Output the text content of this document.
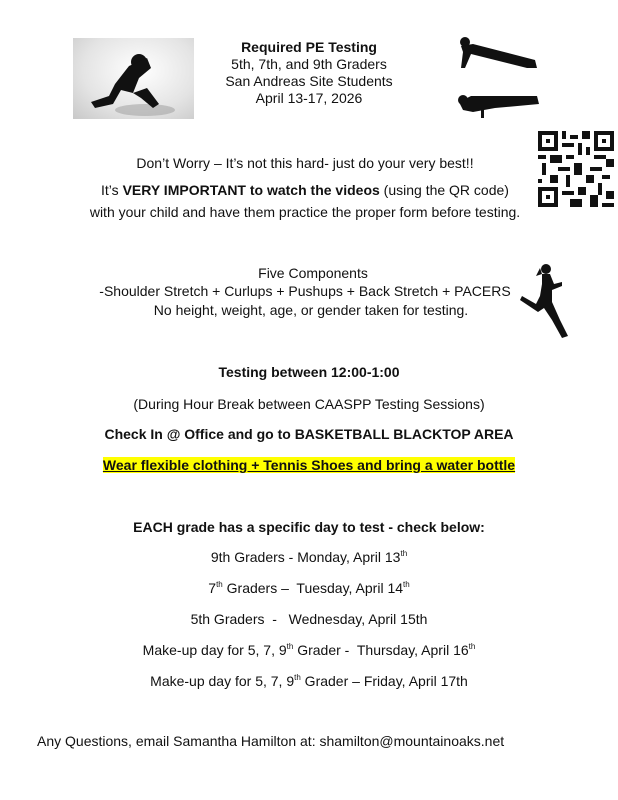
Required PE Testing
5th, 7th, and 9th Graders
San Andreas Site Students
April 13-17, 2026
Don’t Worry – It’s not this hard- just do your very best!!
It’s VERY IMPORTANT to watch the videos (using the QR code)
with your child and have them practice the proper form before testing.
Five Components
-Shoulder Stretch + Curlups + Pushups + Back Stretch + PACERS
No height, weight, age, or gender taken for testing.
Testing between 12:00-1:00
(During Hour Break between CAASPP Testing Sessions)
Check In @ Office and go to BASKETBALL BLACKTOP AREA
Wear flexible clothing + Tennis Shoes and bring a water bottle
EACH grade has a specific day to test - check below:
9th Graders - Monday, April 13th
7th Graders –  Tuesday, April 14th
5th Graders  -   Wednesday, April 15th
Make-up day for 5, 7, 9th Grader -  Thursday, April 16th
Make-up day for 5, 7, 9th Grader – Friday, April 17th
Any Questions, email Samantha Hamilton at: shamilton@mountainoaks.net
